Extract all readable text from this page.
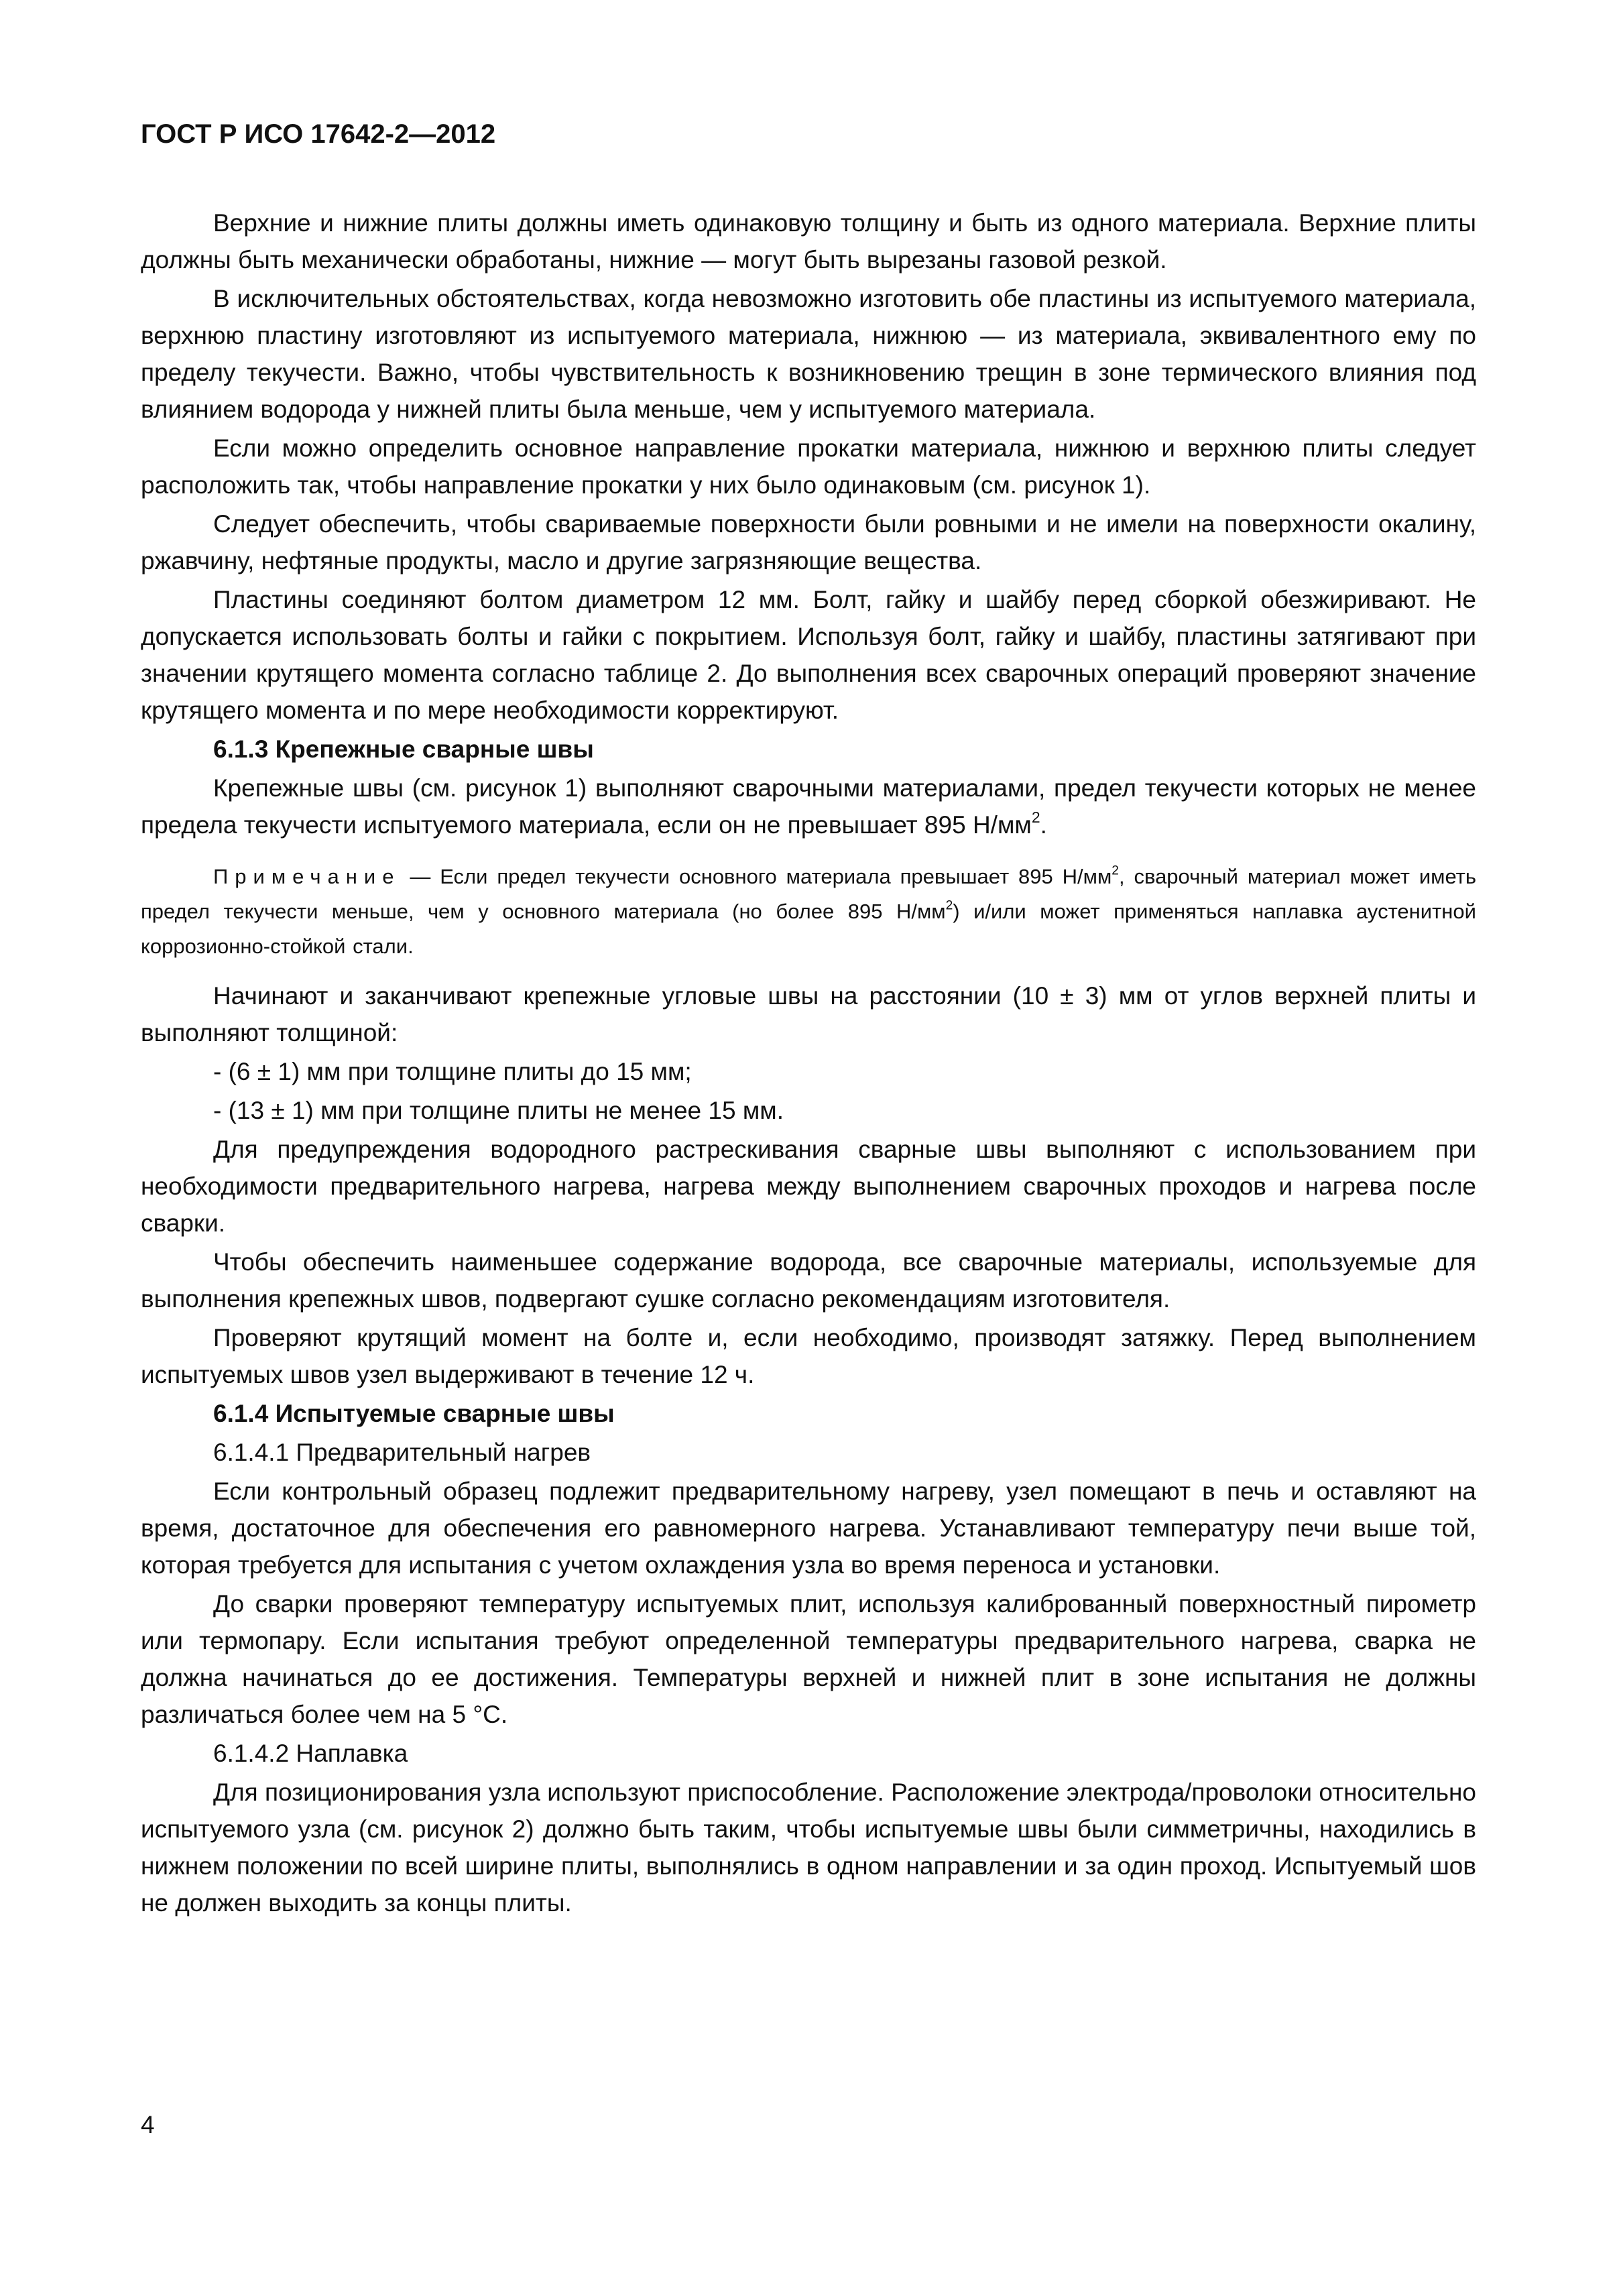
ГОСТ Р ИСО 17642-2—2012

Верхние и нижние плиты должны иметь одинаковую толщину и быть из одного материала. Верхние плиты должны быть механически обработаны, нижние — могут быть вырезаны газовой резкой.

В исключительных обстоятельствах, когда невозможно изготовить обе пластины из испытуемого материала, верхнюю пластину изготовляют из испытуемого материала, нижнюю — из материала, эквивалентного ему по пределу текучести. Важно, чтобы чувствительность к возникновению трещин в зоне термического влияния под влиянием водорода у нижней плиты была меньше, чем у испытуемого материала.

Если можно определить основное направление прокатки материала, нижнюю и верхнюю плиты следует расположить так, чтобы направление прокатки у них было одинаковым (см. рисунок 1).

Следует обеспечить, чтобы свариваемые поверхности были ровными и не имели на поверхности окалину, ржавчину, нефтяные продукты, масло и другие загрязняющие вещества.

Пластины соединяют болтом диаметром 12 мм. Болт, гайку и шайбу перед сборкой обезжиривают. Не допускается использовать болты и гайки с покрытием. Используя болт, гайку и шайбу, пластины затягивают при значении крутящего момента согласно таблице 2. До выполнения всех сварочных операций проверяют значение крутящего момента и по мере необходимости корректируют.

6.1.3 Крепежные сварные швы

Крепежные швы (см. рисунок 1) выполняют сварочными материалами, предел текучести которых не менее предела текучести испытуемого материала, если он не превышает 895 $Н/мм^2$.

Примечание — Если предел текучести основного материала превышает 895 $Н/мм^2$, сварочный материал может иметь предел текучести меньше, чем у основного материала (но более 895 $Н/мм^2$) и/или может применяться наплавка аустенитной коррозионно-стойкой стали.

Начинают и заканчивают крепежные угловые швы на расстоянии (10 ± 3) мм от углов верхней плиты и выполняют толщиной:

- (6 ± 1) мм при толщине плиты до 15 мм;
- (13 ± 1) мм при толщине плиты не менее 15 мм.

Для предупреждения водородного растрескивания сварные швы выполняют с использованием при необходимости предварительного нагрева, нагрева между выполнением сварочных проходов и нагрева после сварки.

Чтобы обеспечить наименьшее содержание водорода, все сварочные материалы, используемые для выполнения крепежных швов, подвергают сушке согласно рекомендациям изготовителя.

Проверяют крутящий момент на болте и, если необходимо, производят затяжку. Перед выполнением испытуемых швов узел выдерживают в течение 12 ч.

6.1.4 Испытуемые сварные швы
6.1.4.1 Предварительный нагрев

Если контрольный образец подлежит предварительному нагреву, узел помещают в печь и оставляют на время, достаточное для обеспечения его равномерного нагрева. Устанавливают температуру печи выше той, которая требуется для испытания с учетом охлаждения узла во время переноса и установки.

До сварки проверяют температуру испытуемых плит, используя калиброванный поверхностный пирометр или термопару. Если испытания требуют определенной температуры предварительного нагрева, сварка не должна начинаться до ее достижения. Температуры верхней и нижней плит в зоне испытания не должны различаться более чем на 5 °С.

6.1.4.2 Наплавка

Для позиционирования узла используют приспособление. Расположение электрода/проволоки относительно испытуемого узла (см. рисунок 2) должно быть таким, чтобы испытуемые швы были симметричны, находились в нижнем положении по всей ширине плиты, выполнялись в одном направлении и за один проход. Испытуемый шов не должен выходить за концы плиты.

4
